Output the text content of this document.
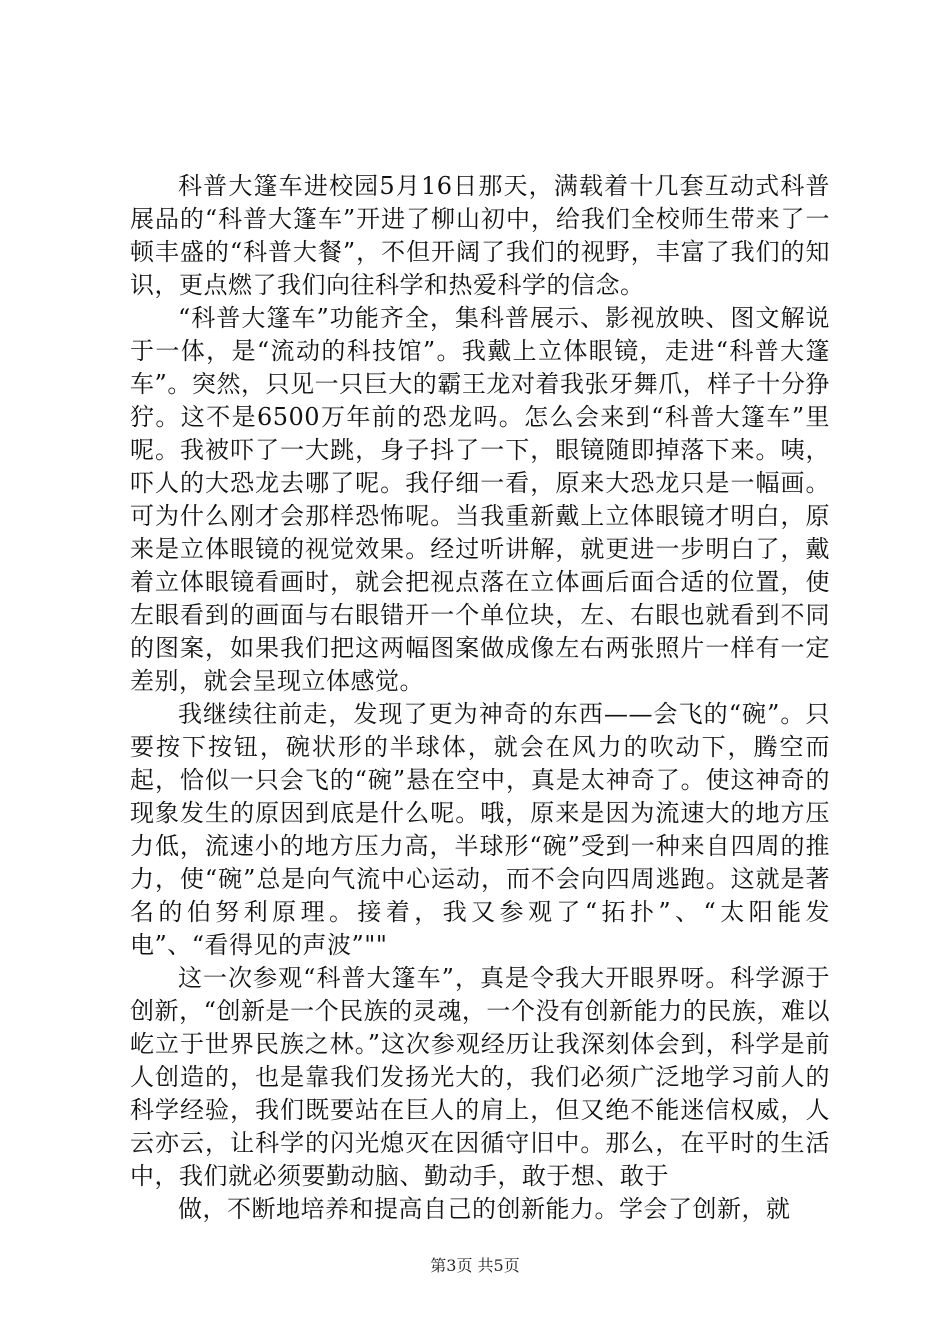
科普大篷车进校园5月16日那天，满载着十几套互动式科普展品的“科普大篷车”开进了柳山初中，给我们全校师生带来了一顿丰盛的“科普大餐”，不但开阔了我们的视野，丰富了我们的知识，更点燃了我们向往科学和热爱科学的信念。

“科普大篷车”功能齐全，集科普展示、影视放映、图文解说于一体，是“流动的科技馆”。我戴上立体眼镜，走进“科普大篷车”。突然，只见一只巨大的霸王龙对着我张牙舞爪，样子十分狰狞。这不是6500万年前的恐龙吗。怎么会来到“科普大篷车”里呢。我被吓了一大跳，身子抖了一下，眼镜随即掉落下来。咦，吓人的大恐龙去哪了呢。我仔细一看，原来大恐龙只是一幅画。可为什么刚才会那样恐怖呢。当我重新戴上立体眼镜才明白，原来是立体眼镜的视觉效果。经过听讲解，就更进一步明白了，戴着立体眼镜看画时，就会把视点落在立体画后面合适的位置，使左眼看到的画面与右眼错开一个单位块，左、右眼也就看到不同的图案，如果我们把这两幅图案做成像左右两张照片一样有一定差别，就会呈现立体感觉。

我继续往前走，发现了更为神奇的东西——会飞的“碗”。只要按下按钮，碗状形的半球体，就会在风力的吹动下，腾空而起，恰似一只会飞的“碗”悬在空中，真是太神奇了。使这神奇的现象发生的原因到底是什么呢。哦，原来是因为流速大的地方压力低，流速小的地方压力高，半球形“碗”受到一种来自四周的推力，使“碗”总是向气流中心运动，而不会向四周逃跑。这就是著名的伯努利原理。接着，我又参观了“拓扑”、“太阳能发电”、“看得见的声波”""

这一次参观“科普大篷车”，真是令我大开眼界呀。科学源于创新，“创新是一个民族的灵魂，一个没有创新能力的民族，难以屹立于世界民族之林。”这次参观经历让我深刻体会到，科学是前人创造的，也是靠我们发扬光大的，我们必须广泛地学习前人的科学经验，我们既要站在巨人的肩上，但又绝不能迷信权威，人云亦云，让科学的闪光熄灭在因循守旧中。那么，在平时的生活中，我们就必须要勤动脑、勤动手，敢于想、敢于

做，不断地培养和提高自己的创新能力。学会了创新，就

第3页 共5页
